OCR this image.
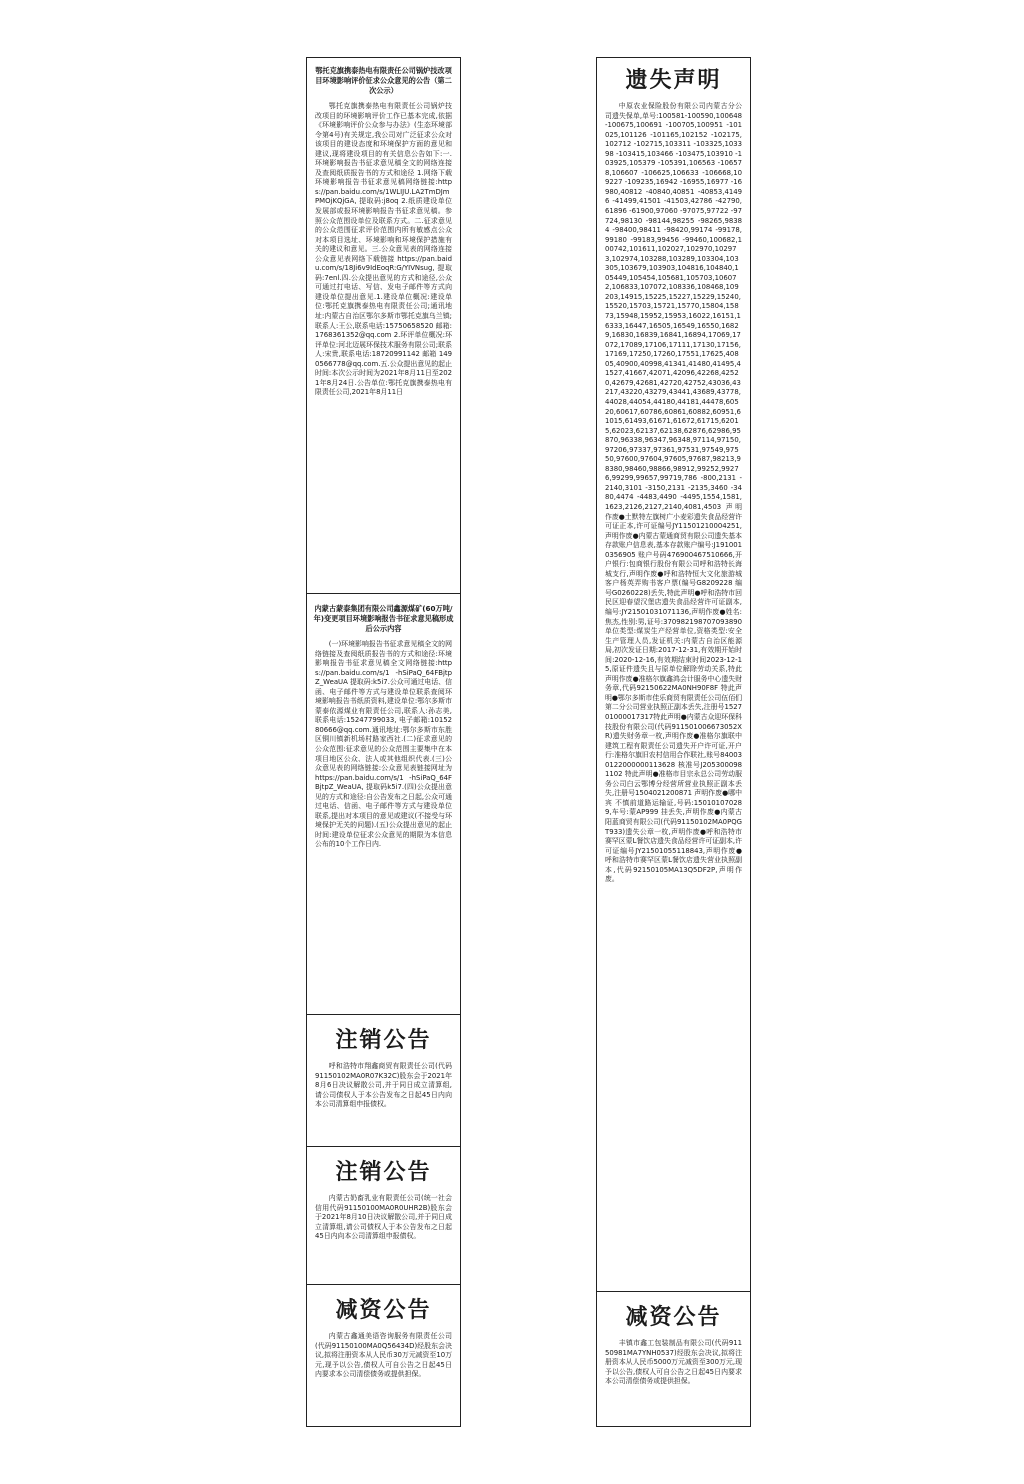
鄂托克旗携泰热电有限责任公司锅炉技改项目环境影响评价征求公众意见的公告（第二次公示）
鄂托克旗携泰热电有限责任公司锅炉技改项目的环境影响评价工作已基本完成,依据《环境影响评价公众参与办法》(生态环境部令第4号)有关规定,我公司对广泛征求公众对该项目的建设态度和环境保护方面的意见和建议,现将建设项目的有关信息公告如下:一.环境影响报告书征求意见稿全文的网络连接及查阅纸质报告书的方式和途径 1.网络下载环境影响报告书征求意见稿网络链接:https://pan.baidu.com/s/1WLIJU.LA2TmDJmPMOjKQjGA, 提取码:j8oq 2.纸质建设单位发展部或报环境影响报告书征求意见稿。参照公众范围设单位及联系方式。二.征求意见的公众范围征求评价范围内所有敏感点公众对本项目选址、环境影响和环境保护措施有关的建议和意见。三.公众意见表的网络连接公众意见表网络下载链接 https://pan.baidu.com/s/18Ji6v9IdEoqR:G/YIVNsug, 提取码:7enl.四.公众提出意见的方式和途径,公众可通过打电话、写信、发电子邮件等方式向建设单位提出意见.1.建设单位概况:建设单位:鄂托克旗携泰热电有限责任公司;通讯地址:内蒙古自治区鄂尔多斯市鄂托克旗乌兰镇;联系人:王公,联系电话:15750658520 邮箱:1768361352@qq.com 2.环评单位概况:环评单位:河北迈展环保技术服务有限公司;联系人:宋贵,联系电话:18720991142 邮箱 1490566778@qq.com.五.公众提出意见的起止时间:本次公示时间为2021年8月11日至2021年8月24日.公告单位:鄂托克旗携泰热电有限责任公司,2021年8月11日
内蒙古蒙泰集团有限公司鑫源煤矿(60万吨/年)变更项目环境影响报告书征求意见稿形成后公示内容
(一)环境影响报告书征求意见稿全文的网络链接及查阅纸质报告书的方式和途径:环境影响报告书征求意见稿全文网络链接:https://pan.baidu.com/s/1 -hSiPaQ_64FBjtpZ_WeaUA 提取码:k5i7.公众可通过电话、信函、电子邮件等方式与建设单位联系查阅环境影响报告书纸质资料,建设单位:鄂尔多斯市蒙泰依源煤业有限责任公司,联系人:孙志美,联系电话:15247799033, 电子邮箱:1015280666@qq.com.通讯地址:鄂尔多斯市东胜区铜川镇新机场村路家西社.(二)征求意见的公众范围:征求意见的公众范围主要集中在本项目地区公众、法人或其他组织代表.(三)公众意见表的网络链接:公众意见表链接网址为 https://pan.baidu.com/s/1 -hSiPaQ_64FBjtpZ_WeaUA, 提取码k5i7.(四)公众提出意见的方式和途径:自公告发布之日起,公众可通过电话、信函、电子邮件等方式与建设单位联系,提出对本项目的意见或建议(不接受与环境保护无关的问题).(五)公众提出意见的起止时间:建设单位征求公众意见的期限为本信息公布的10个工作日内.
注销公告
呼和浩特市翔鑫商贸有限责任公司(代码 91150102MA0R07K32C)股东会于2021年8月6日决议解散公司,并于同日成立清算组,请公司债权人于本公告发布之日起45日内向本公司清算组申报债权。
注销公告
内蒙古奶畜乳业有限责任公司(统一社会信用代码91150100MA0R0UHR2B)股东会于2021年8月10日决议解散公司,并于同日成立清算组,请公司债权人于本公告发布之日起45日内向本公司清算组申报债权。
减资公告
内蒙古鑫通美语咨询服务有限责任公司(代码91150100MA0Q56434D)经股东会决议,拟将注册资本从人民币30万元减资至10万元,现予以公告,债权人可自公告之日起45日内要求本公司清偿债务或提供担保。
遗失声明
中原农业保险股份有限公司内蒙古分公司遗失保单,单号:100581-100590,100648 -100675,100691 -100705,100951 -101025,101126 -101165,102152 -102175,102712 -102715,103311 -103325,103398 -103415,103466 -103475,103910 -103925,105379 -105391,106563 -106578,106607 -106625,106633 -106668,109227 -109235,16942 -16955,16977 -16980,40812 -40840,40851 -40853,41496 -41499,41501 -41503,42786 -42790,61896 -61900,97060 -97075,97722 -97724,98130 -98144,98255 -98265,98384 -98400,98411 -98420,99174 -99178,99180 -99183,99456 -99460,100682,100742,101611,102027,102970,102973,102974,103288,103289,103304,103305,103679,103903,104816,104840,105449,105454,105681,105703,106072,106833,107072,108336,108468,109203,14915,15225,15227,15229,15240,15520,15703,15721,15770,15804,15873,15948,15952,15953,16022,16151,16333,16447,16505,16549,16550,16829,16830,16839,16841,16894,17069,17072,17089,17106,17111,17130,17156,17169,17250,17260,17551,17625,40805,40900,40998,41341,41480,41495,41527,41667,42071,42096,42268,42520,42679,42681,42720,42752,43036,43217,43220,43279,43441,43689,43778,44028,44054,44180,44181,44478,60520,60617,60786,60861,60882,60951,61015,61493,61671,61672,61715,62015,62023,62137,62138,62876,62986,95870,96338,96347,96348,97114,97150,97206,97337,97361,97531,97549,97550,97600,97604,97605,97687,98213,98380,98460,98866,98912,99252,99276,99299,99657,99719,786 -800,2131 -2140,3101 -3150,2131 -2135,3460 -3480,4474 -4483,4490 -4495,1554,1581,1623,2126,2127,2140,4081,4503 声明作废●土默特左旗树广小麦彩遗失食品经营许可证正本,许可证编号JY11501210004251,声明作废●内蒙古蒙通商贸有限公司遗失基本存款账户信息表,基本存款账户编号:J1910010356905 账户号码476900467510666,开户银行:包商银行股份有限公司呼和浩特长海城支行,声明作废●呼和浩特恒大文化旅游城客户杨英弄购书客户票(编号G8209228 编号G0260228)丢失,特此声明●呼和浩特市回民区迎春望汉堡店遗失食品经营许可证副本,编号:JY21501031071136,声明作废●姓名:焦杰,性别:男,证号:370982198707093890 单位类型:煤炭生产经营单位,资格类型:安全生产管理人员,发证机关:内蒙古自治区能源局,初次发证日期:2017-12-31,有效期开始时间:2020-12-16,有效期结束时间2023-12-15,原证件遗失且与原单位解除劳动关系,特此声明作废●准格尔旗鑫鸿会计服务中心遗失财务章,代码92150622MA0NH90F8F 特此声明●鄂尔多斯市佳乐商贸有限责任公司伍佰们第二分公司营业执照正副本丢失,注册号152701000017317特此声明●内蒙古众迎环保科技股份有限公司(代码911501006673052XR)遗失财务章一枚,声明作废●准格尔旗联中建筑工程有限责任公司遗失开户许可证,开户行:准格尔旗旧农村信用合作联社,账号840030122000000113628 核准号J2053000981102 特此声明●准格市目宗永总公司劳动服务公司白云鄂博分经营所营业执照正副本丢失,注册号1504021200871 声明作废●哪中宾 不慎前道路运输证,号码:150101070289,车号:蒙AP999 挂丢失,声明作废●内蒙古阳蓝商贸有限公司(代码91150102MA0PQGT933)遗失公章一枚,声明作废●呼和浩特市赛罕区蒙L餐饮店遗失食品经营许可证副本,许可证编号JY21501055118843,声明作废●呼和浩特市赛罕区蒙L餐饮店遗失营业执照副本,代码92150105MA13Q5DF2P,声明作废。
减资公告
丰镇市鑫工包装制品有限公司(代码91150981MA7YNH0537)经股东会决议,拟将注册资本从人民币5000万元减资至300万元,现予以公告,债权人可自公告之日起45日内要求本公司清偿债务或提供担保。
